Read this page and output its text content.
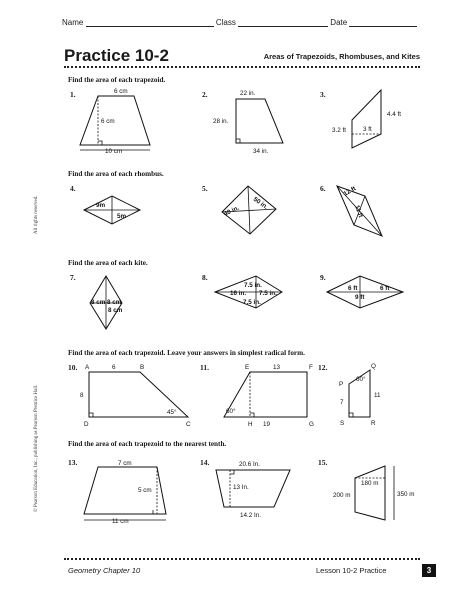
Name	Class	Date
Practice 10-2	Areas of Trapezoids, Rhombuses, and Kites
All rights reserved.
© Pearson Education, Inc., publishing as Pearson Prentice Hall.
Find the area of each trapezoid.
Find the area of each rhombus.
Find the area of each kite.
Find the area of each trapezoid. Leave your answers in simplest radical form.
Find the area of each trapezoid to the nearest tenth.
1.	2.	3.
4.	5.	6.
7.	8.	9.
10.	11.	12.
13.	14.	15.
6 cm
6 cm
10 cm
22 in.
28 in.
34 in.
4.4 ft
3.2 ft	3 ft
9m
5m
50 in.
40 in.
12 ft
11 ft
8 cm 8 cm
8 cm
7.5 in.
16 in. 7.5 in.
7.5 in.
6 ft	6 ft
9 ft
A	B
C
D
6
8
45°
E	F
G
H
13
19
60°
P
Q
R
S
60°
7
11
7 cm
5 cm
11 cm
20.6 In.
13 In.
14.2 In.
180 m
200 m	350 m
Geometry Chapter 10	Lesson 10-2 Practice	3
